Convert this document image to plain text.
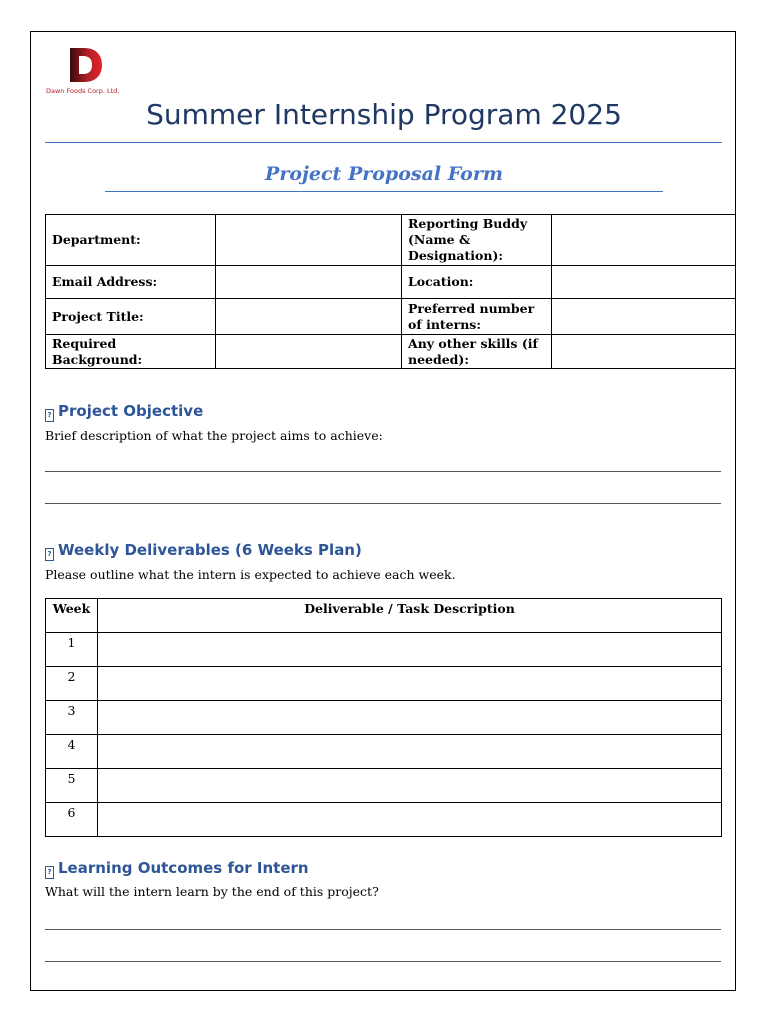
Dawn Foods Corp. Ltd.
Summer Internship Program 2025
Project Proposal Form
Department:		Reporting Buddy (Name & Designation):	
Email Address:		Location:	
Project Title:		Preferred number of interns:	
Required Background:		Any other skills (if needed):	
? Project Objective
Brief description of what the project aims to achieve:
? Weekly Deliverables (6 Weeks Plan)
Please outline what the intern is expected to achieve each week.
Week	Deliverable / Task Description
1	
2	
3	
4	
5	
6	
? Learning Outcomes for Intern
What will the intern learn by the end of this project?
